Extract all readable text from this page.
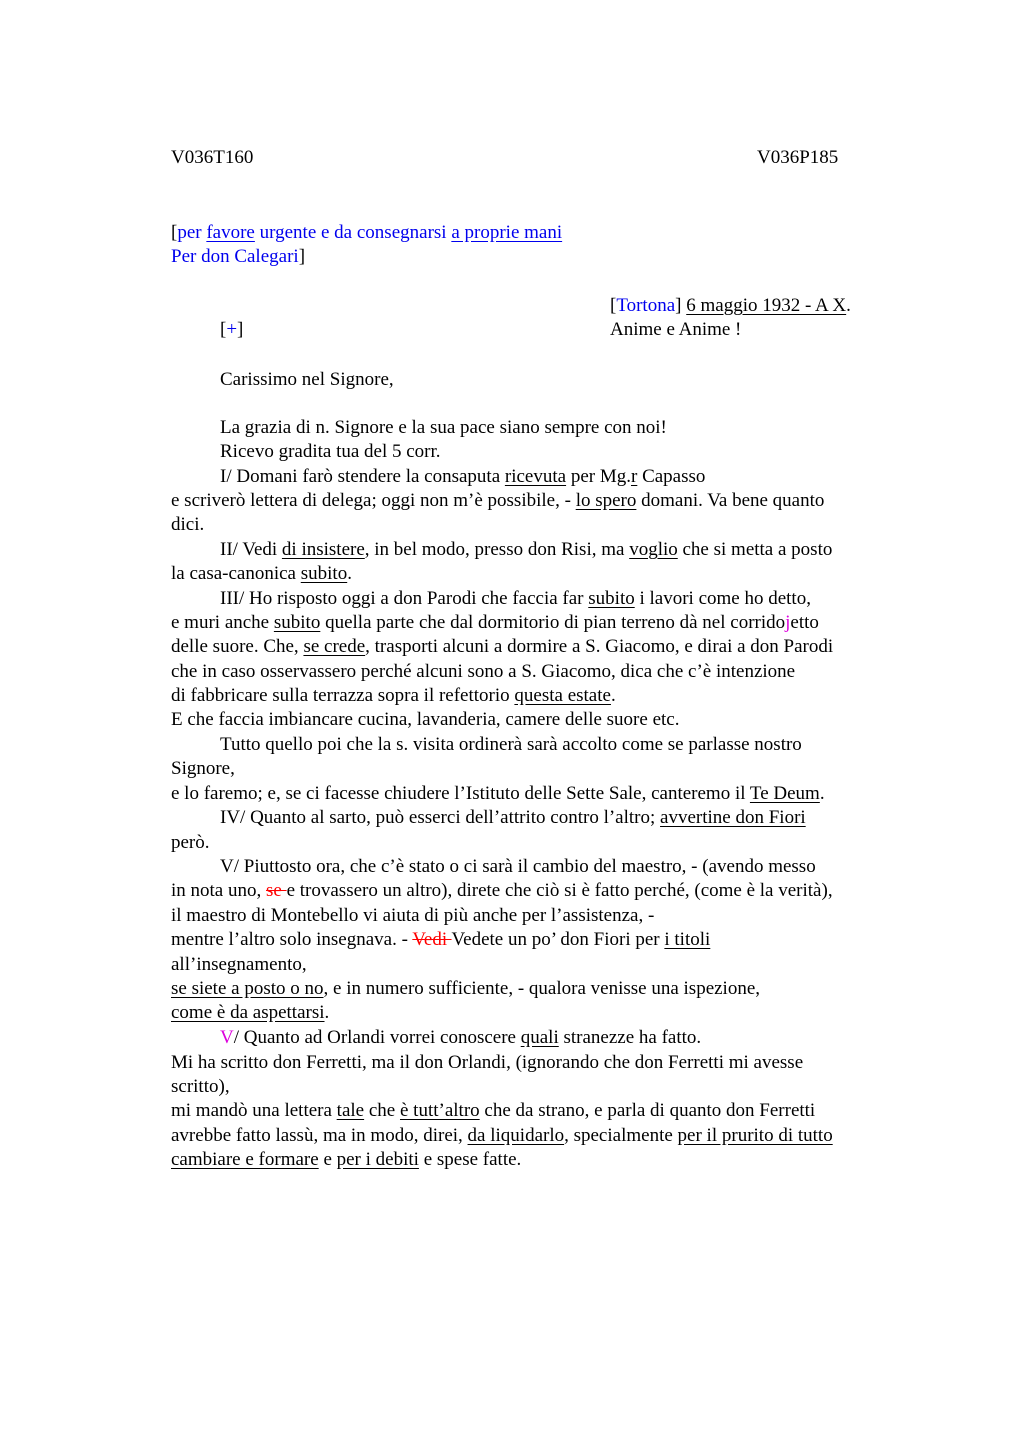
V036T160	V036P185
[per favore urgente e da consegnarsi a proprie mani
Per don Calegari]
[Tortona] 6 maggio 1932 - A X.
Anime e Anime !
[+]
Carissimo nel Signore,
La grazia di n. Signore e la sua pace siano sempre con noi!
Ricevo gradita tua del 5 corr.
I/ Domani farò stendere la consaputa ricevuta per Mg.r Capasso
e scriverò lettera di delega; oggi non m’è possibile, - lo spero domani. Va bene quanto
dici.
II/ Vedi di insistere, in bel modo, presso don Risi, ma voglio che si metta a posto
la casa-canonica subito.
III/ Ho risposto oggi a don Parodi che faccia far subito i lavori come ho detto,
e muri anche subito quella parte che dal dormitorio di pian terreno dà nel corridojetto
delle suore. Che, se crede, trasporti alcuni a dormire a S. Giacomo, e dirai a don Parodi
che in caso osservassero perché alcuni sono a S. Giacomo, dica che c’è intenzione
di fabbricare sulla terrazza sopra il refettorio questa estate.
E che faccia imbiancare cucina, lavanderia, camere delle suore etc.
Tutto quello poi che la s. visita ordinerà sarà accolto come se parlasse nostro
Signore,
e lo faremo; e, se ci facesse chiudere l’Istituto delle Sette Sale, canteremo il Te Deum.
IV/ Quanto al sarto, può esserci dell’attrito contro l’altro; avvertine don Fiori
però.
V/ Piuttosto ora, che c’è stato o ci sarà il cambio del maestro, - (avendo messo
in nota uno, se e trovassero un altro), direte che ciò si è fatto perché, (come è la verità),
il maestro di Montebello vi aiuta di più anche per l’assistenza, -
mentre l’altro solo insegnava. - Vedi Vedete un po’ don Fiori per i titoli
all’insegnamento,
se siete a posto o no, e in numero sufficiente, - qualora venisse una ispezione,
come è da aspettarsi.
V/ Quanto ad Orlandi vorrei conoscere quali stranezze ha fatto.
Mi ha scritto don Ferretti, ma il don Orlandi, (ignorando che don Ferretti mi avesse
scritto),
mi mandò una lettera tale che è tutt’altro che da strano, e parla di quanto don Ferretti
avrebbe fatto lassù, ma in modo, direi, da liquidarlo, specialmente per il prurito di tutto
cambiare e formare e per i debiti e spese fatte.
